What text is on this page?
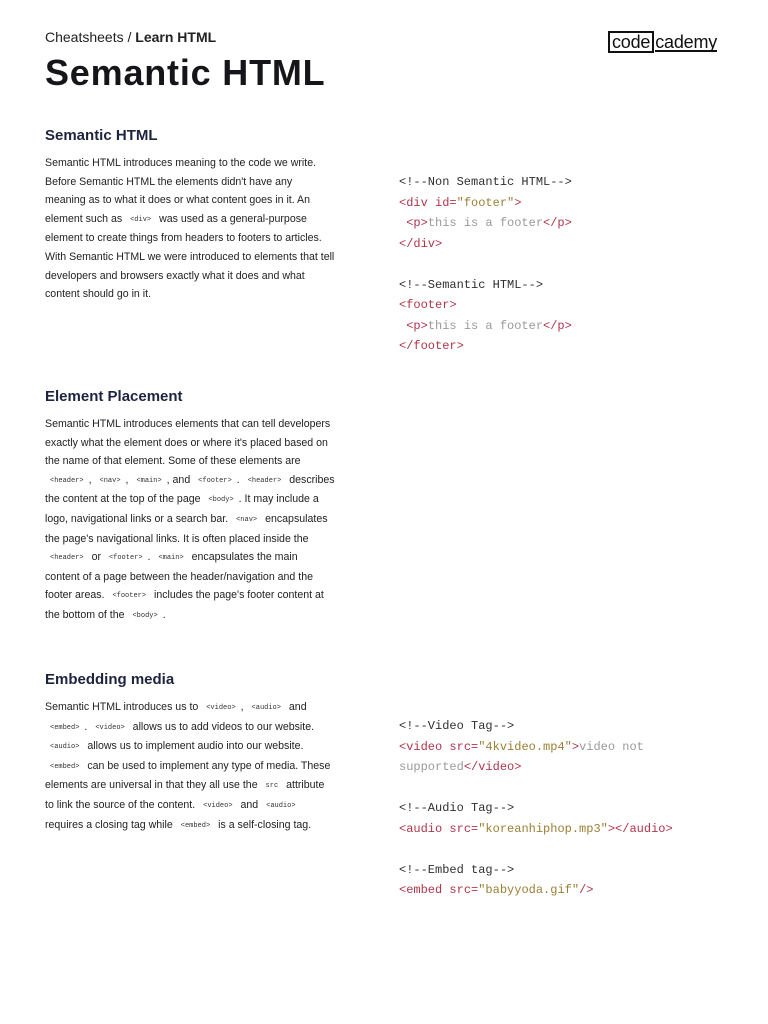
Cheatsheets / Learn HTML	code cademy
Semantic HTML
Semantic HTML

Semantic HTML introduces meaning to the code we write. Before Semantic HTML the elements didn't have any meaning as to what it does or what content goes in it. An element such as <div> was used as a general-purpose element to create things from headers to footers to articles. With Semantic HTML we were introduced to elements that tell developers and browsers exactly what it does and what content should go in it.

<!--Non Semantic HTML-->
<div id="footer">
<p>this is a footer</p>
</div>

<!--Semantic HTML-->
<footer>
<p>this is a footer</p>
</footer>
Element Placement

Semantic HTML introduces elements that can tell developers exactly what the element does or where it's placed based on the name of that element. Some of these elements are <header> , <nav> , <main> , and <footer> . <header> describes the content at the top of the page <body> . It may include a logo, navigational links or a search bar. <nav> encapsulates the page's navigational links. It is often placed inside the <header> or <footer> . <main> encapsulates the main content of a page between the header/navigation and the footer areas. <footer> includes the page's footer content at the bottom of the <body> .

Embedding media

Semantic HTML introduces us to <video> , <audio> and <embed> . <video> allows us to add videos to our website. <audio> allows us to implement audio into our website. <embed> can be used to implement any type of media. These elements are universal in that they all use the src attribute to link the source of the content. <video> and <audio> requires a closing tag while <embed> is a self-closing tag.

<!--Video Tag-->
<video src="4kvideo.mp4">video not
supported</video>

<!--Audio Tag-->
<audio src="koreanhiphop.mp3"></audio>

<!--Embed tag-->
<embed src="babyyoda.gif"/>
